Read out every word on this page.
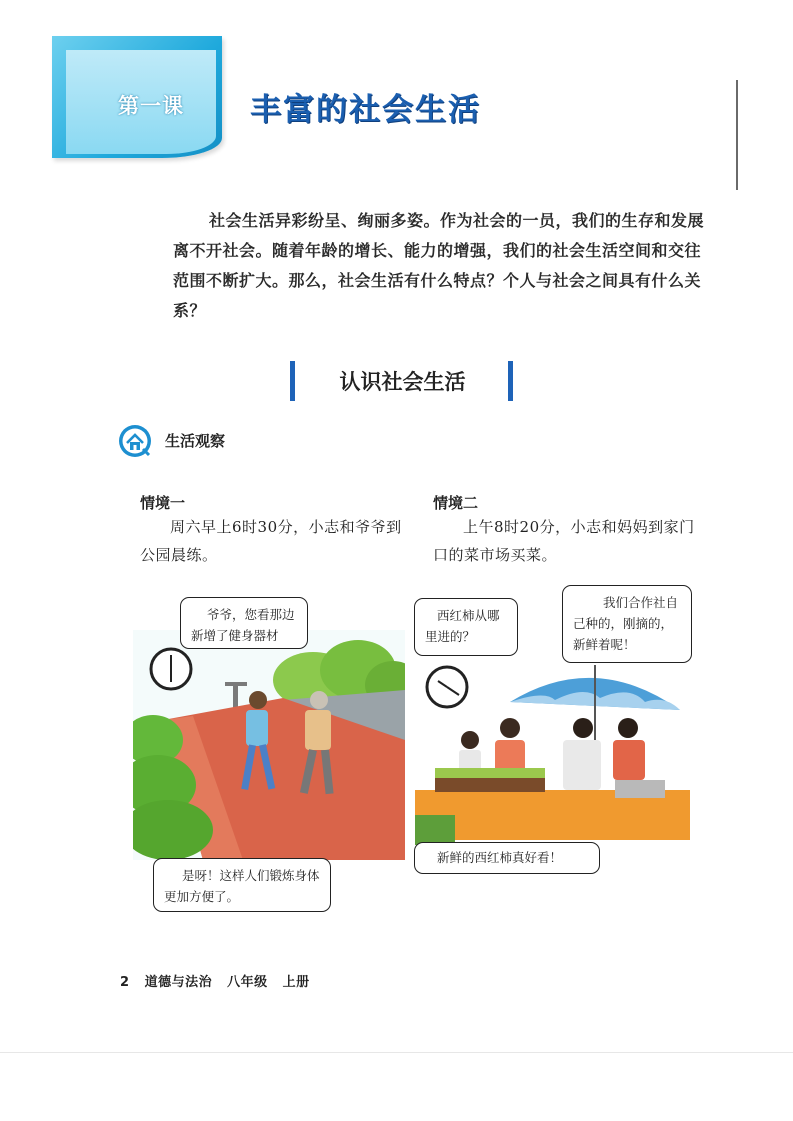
第一课 丰富的社会生活
社会生活异彩纷呈、绚丽多姿。作为社会的一员，我们的生存和发展离不开社会。随着年龄的增长、能力的增强，我们的社会生活空间和交往范围不断扩大。那么，社会生活有什么特点？个人与社会之间具有什么关系？
认识社会生活
生活观察
情境一
周六早上6时30分，小志和爷爷到公园晨练。
情境二
上午8时20分，小志和妈妈到家门口的菜市场买菜。
爷爷，您看那边新增了健身器材
是呀！这样人们锻炼身体更加方便了。
西红柿从哪里进的？
我们合作社自己种的，刚摘的，新鲜着呢！
新鲜的西红柿真好看！
2 道德与法治 八年级 上册
